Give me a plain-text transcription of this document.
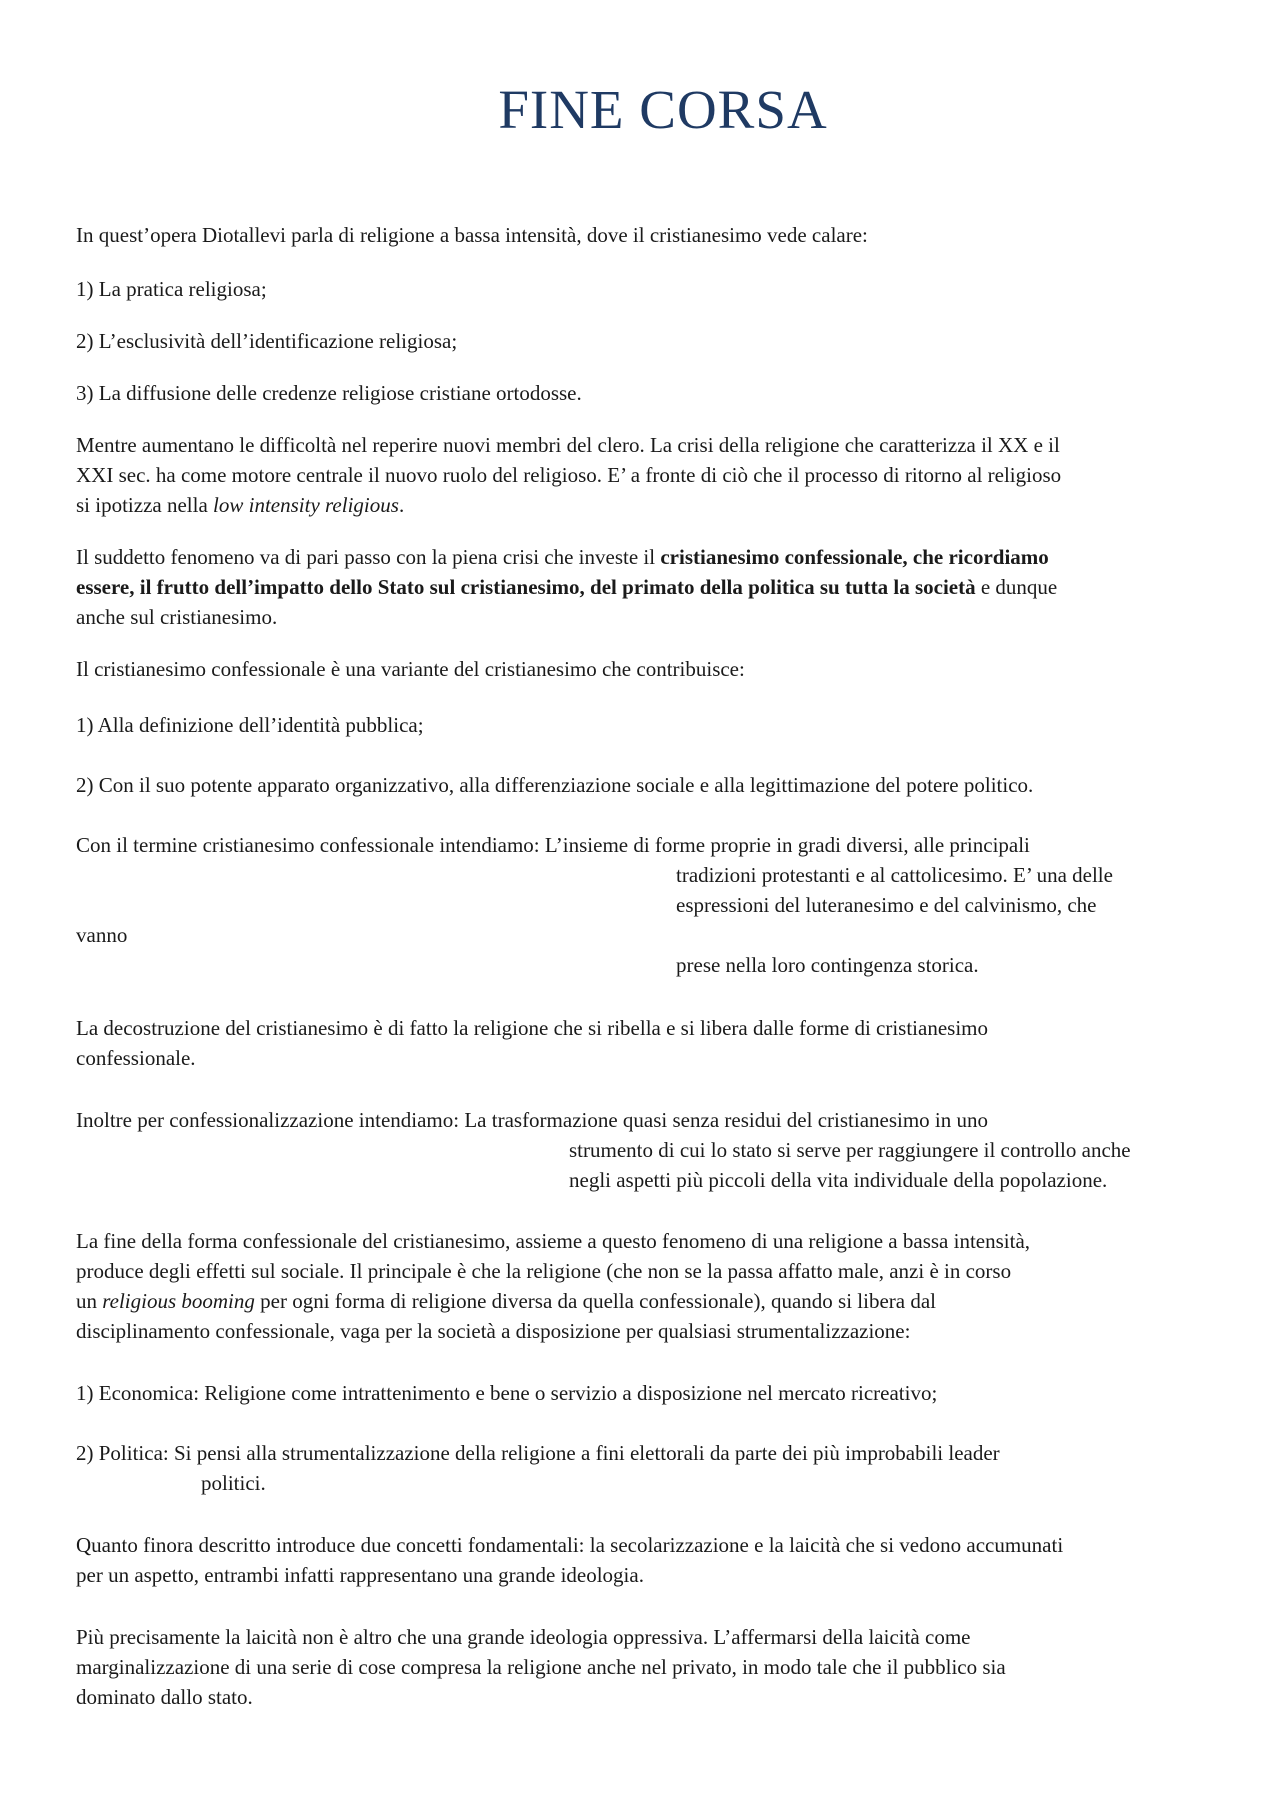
FINE CORSA

In quest’opera Diotallevi parla di religione a bassa intensità, dove il cristianesimo vede calare:

1) La pratica religiosa;

2) L’esclusività dell’identificazione religiosa;

3) La diffusione delle credenze religiose cristiane ortodosse.

Mentre aumentano le difficoltà nel reperire nuovi membri del clero. La crisi della religione che caratterizza il XX e il

XXI sec. ha come motore centrale il nuovo ruolo del religioso. E’ a fronte di ciò che il processo di ritorno al religioso

si ipotizza nella low intensity religious.

Il suddetto fenomeno va di pari passo con la piena crisi che investe il cristianesimo confessionale, che ricordiamo

essere, il frutto dell’impatto dello Stato sul cristianesimo, del primato della politica su tutta la società e dunque

anche sul cristianesimo.

Il cristianesimo confessionale è una variante del cristianesimo che contribuisce:

1) Alla definizione dell’identità pubblica;

2) Con il suo potente apparato organizzativo, alla differenziazione sociale e alla legittimazione del potere politico.

Con il termine cristianesimo confessionale intendiamo: L’insieme di forme proprie in gradi diversi, alle principali

tradizioni protestanti e al cattolicesimo. E’ una delle

espressioni del luteranesimo e del calvinismo, che

vanno

prese nella loro contingenza storica.

La decostruzione del cristianesimo è di fatto la religione che si ribella e si libera dalle forme di cristianesimo

confessionale.

Inoltre per confessionalizzazione intendiamo: La trasformazione quasi senza residui del cristianesimo in uno

strumento di cui lo stato si serve per raggiungere il controllo anche

negli aspetti più piccoli della vita individuale della popolazione.

La fine della forma confessionale del cristianesimo, assieme a questo fenomeno di una religione a bassa intensità,

produce degli effetti sul sociale. Il principale è che la religione (che non se la passa affatto male, anzi è in corso

un religious booming per ogni forma di religione diversa da quella confessionale), quando si libera dal

disciplinamento confessionale, vaga per la società a disposizione per qualsiasi strumentalizzazione:

1) Economica: Religione come intrattenimento e bene o servizio a disposizione nel mercato ricreativo;

2) Politica: Si pensi alla strumentalizzazione della religione a fini elettorali da parte dei più improbabili leader

politici.

Quanto finora descritto introduce due concetti fondamentali: la secolarizzazione e la laicità che si vedono accumunati

per un aspetto, entrambi infatti rappresentano una grande ideologia.

Più precisamente la laicità non è altro che una grande ideologia oppressiva. L’affermarsi della laicità come

marginalizzazione di una serie di cose compresa la religione anche nel privato, in modo tale che il pubblico sia

dominato dallo stato.
